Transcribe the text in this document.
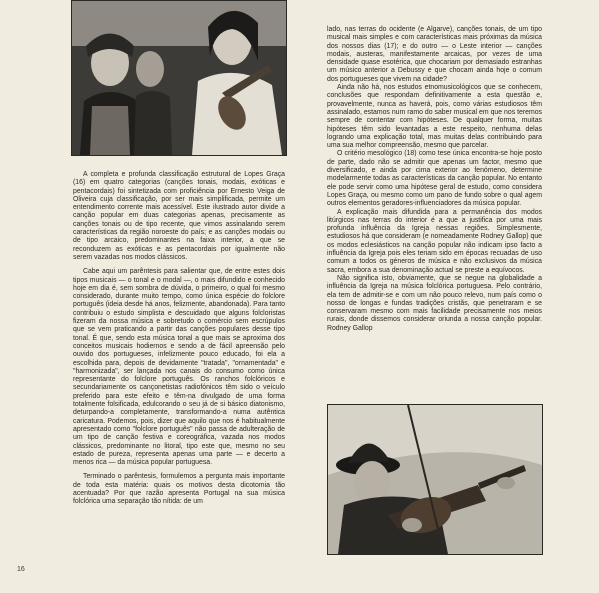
A completa e profunda classificação estrutural de Lopes Graça (16) em quatro categorias (canções tonais, modais, exóticas e pentacordais) foi sintetizada com proficiência por Ernesto Veiga de Oliveira cuja classificação, por ser mais simplificada, permite um entendimento corrente mais acessível. Este ilustrado autor divide a canção popular em duas categorias apenas, precisamente as canções tonais ou de tipo recente, que vimos assinalando serem características da região noroeste do país; e as canções modais ou de tipo arcaico, predominantes na faixa interior, a que se reconduzem as exóticas e as pentacordais por igualmente não serem vazadas nos modos clássicos.

Cabe aqui um parêntesis para salientar que, de entre estes dois tipos musicais — o tonal e o modal —, o mais difundido e conhecido hoje em dia é, sem sombra de dúvida, o primeiro, o qual foi mesmo considerado, durante muito tempo, como única espécie do folclore português (ideia desde há anos, felizmente, abandonada). Para tanto contribuiu o estudo simplista e descuidado que alguns folcloristas fizeram da nossa música e sobretudo o comércio sem escrúpulos que se vem praticando a partir das canções populares desse tipo tonal. É que, sendo esta música tonal a que mais se aproxima dos conceitos musicais hodiernos e sendo a de fácil apreensão pelo ouvido dos portugueses, infelizmente pouco educado, foi ela a escolhida para, depois de devidamente "tratada", "ornamentada" e "harmonizada", ser lançada nos canais do consumo como única representante do folclore português. Os ranchos folclóricos e secundariamente os cançonetistas radiofónicos têm sido o veículo preferido para este efeito e têm-na divulgado de uma forma totalmente folsificada, edulcorando o seu já de si básico diatonismo, deturpando-a completamente, transformando-a numa autêntica caricatura. Podemos, pois, dizer que aquilo que nos é habitualmente apresentado como "folclore português" não passa de adulteração de um tipo de canção festiva e coreográfica, vazada nos modos clássicos, predominante no litoral, tipo este que, mesmo no seu estado de pureza, representa apenas uma parte — e decerto a menos rica — da música popular portuguesa.

Terminado o parêntesis, formulemos a pergunta mais importante de toda esta matéria: quais os motivos desta dicotomia tão acentuada? Por que razão apresenta Portugal na sua música folclórica uma separação tão nítida: de um

lado, nas terras do ocidente (e Algarve), canções tonais, de um tipo musical mais simples e com características mais próximas da música dos nossos dias (17); e do outro — o Leste interior — canções modais, austeras, manifestamente arcaicas, por vezes de uma densidade quase esotérica, que chocariam por demasiado estranhas um músico anterior a Debussy e que chocam ainda hoje o comum dos portugueses que vivem na cidade?

Ainda não há, nos estudos etnomusicológicos que se conhecem, conclusões que respondam definitivamente a esta questão e, provavelmente, nunca as haverá, pois, como várias estudiosos têm assinalado, estamos num ramo do saber musical em que nos teremos sempre de contentar com hipóteses. De qualquer forma, muitas hipóteses têm sido levantadas a este respeito, nenhuma delas logrando uma explicação total, mas muitas delas contribuindo para uma sua melhor compreensão, mesmo que parcelar.

O critério mesológico (18) como tese única encontra-se hoje posto de parte, dado não se admitir que apenas um factor, mesmo que diversificado, e ainda por cima exterior ao fenómeno, determine modelarmente todas as características da canção popular. No entanto ele pode servir como uma hipótese geral de estudo, como considera Lopes Graça, ou mesmo como um pano de fundo sobre o qual agem outros elementos geradores-influenciadores da música popular.

A explicação mais difundida para a permanência dos modos litúrgicos nas terras do interior é a que a justifica por uma mais profunda influência da Igreja nessas regiões. Simplesmente, estudiosos há que consideram (e nomeadamente Rodney Gallop) que os modos eclesiásticos na canção popular não indicam ipso facto a influência da Igreja pois eles teriam sido em épocas recuadas de uso comum a todos os géneros de música e não exclusivos da música sacra, embora a sua denominação actual se preste a equívocos.

Não significa isto, obviamente, que se negue na globalidade a influência da Igreja na música folclórica portuguesa. Pelo contrário, ela tem de admitir-se e com um não pouco relevo, num país como o nosso de longas e fundas tradições cristãs, que penetraram e se conservaram mesmo com mais facilidade precisamente nos meios rurais, donde dissemos considerar oriunda a nossa canção popular. Rodney Gallop

16
